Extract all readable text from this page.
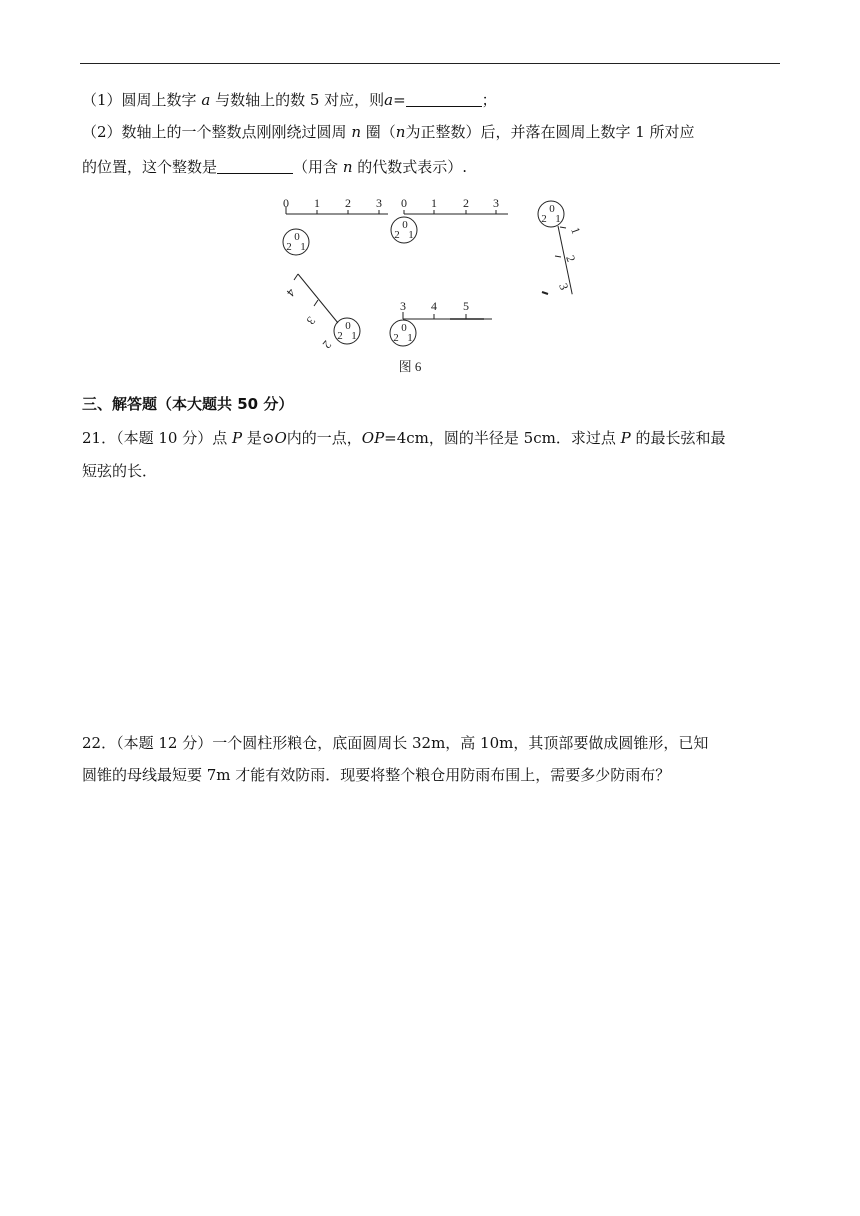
（1）圆周上数字 a 与数轴上的数 5 对应，则a=	；
（2）数轴上的一个整数点刚刚绕过圆周 n 圈（n为正整数）后，并落在圆周上数字 1 所对应
的位置，这个整数是	（用含 n 的代数式表示）.
0 1 2 3 0 1 2 3
0
2 1
0
2 1
0
2 1
1
2
3
2
3
4
0
2 1
3 4 5
0
2 1
图 6
三、解答题（本大题共 50 分）
21．（本题 10 分）点 P 是⊙O内的一点，OP=4cm，圆的半径是 5cm．求过点 P 的最长弦和最
短弦的长．
22．（本题 12 分）一个圆柱形粮仓，底面圆周长 32m，高 10m，其顶部要做成圆锥形，已知
圆锥的母线最短要 7m 才能有效防雨．现要将整个粮仓用防雨布围上，需要多少防雨布？
